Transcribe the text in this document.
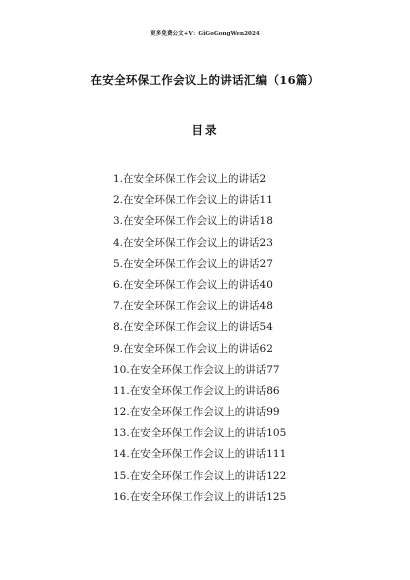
更多免费公文+V：GiGoGongWen2024
在安全环保工作会议上的讲话汇编（16篇）
目录
1.在安全环保工作会议上的讲话2
2.在安全环保工作会议上的讲话11
3.在安全环保工作会议上的讲话18
4.在安全环保工作会议上的讲话23
5.在安全环保工作会议上的讲话27
6.在安全环保工作会议上的讲话40
7.在安全环保工作会议上的讲话48
8.在安全环保工作会议上的讲话54
9.在安全环保工作会议上的讲话62
10.在安全环保工作会议上的讲话77
11.在安全环保工作会议上的讲话86
12.在安全环保工作会议上的讲话99
13.在安全环保工作会议上的讲话105
14.在安全环保工作会议上的讲话111
15.在安全环保工作会议上的讲话122
16.在安全环保工作会议上的讲话125
